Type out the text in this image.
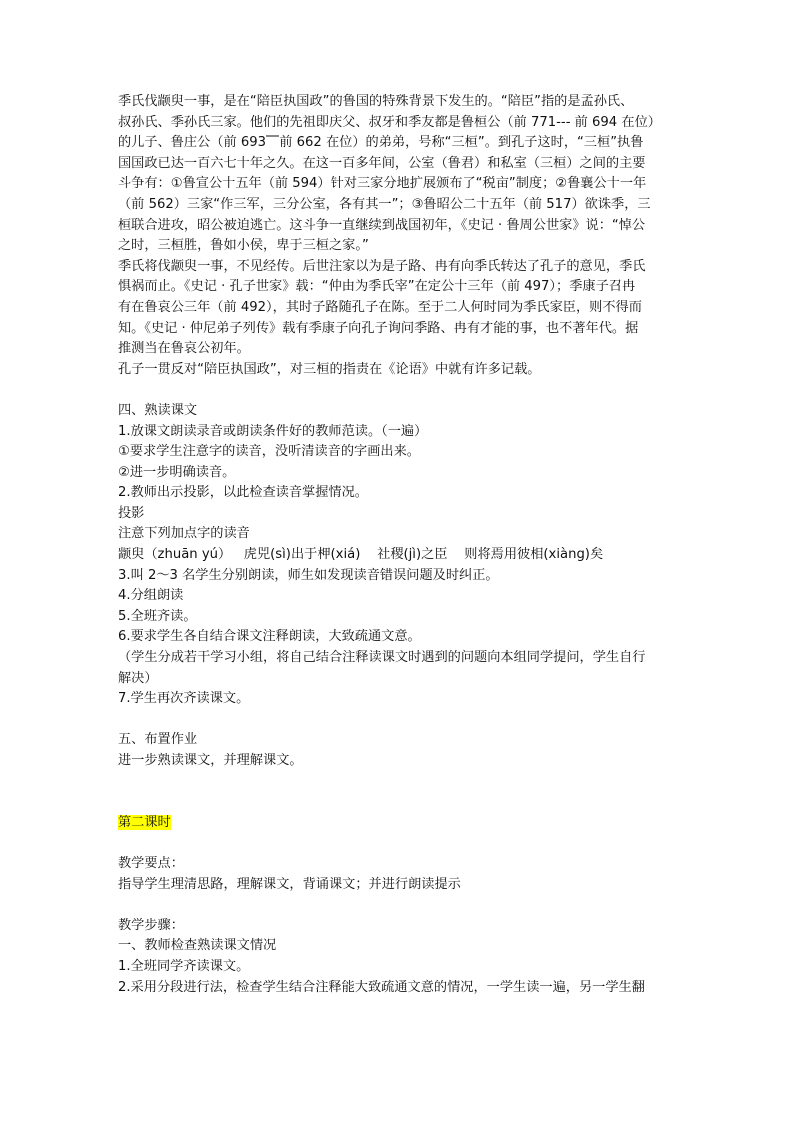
季氏伐颛臾一事，是在“陪臣执国政”的鲁国的特殊背景下发生的。“陪臣”指的是孟孙氏、
叔孙氏、季孙氏三家。他们的先祖即庆父、叔牙和季友都是鲁桓公（前 771--- 前 694 在位）
的儿子、鲁庄公（前 693⎺前 662 在位）的弟弟，号称“三桓”。到孔子这时，“三桓”执鲁
国国政已达一百六七十年之久。在这一百多年间，公室（鲁君）和私室（三桓）之间的主要
斗争有：①鲁宣公十五年（前 594）针对三家分地扩展颁布了“税亩”制度；②鲁襄公十一年
（前 562）三家“作三军，三分公室，各有其一”；③鲁昭公二十五年（前 517）欲诛季，三
桓联合进攻，昭公被迫逃亡。这斗争一直继续到战国初年，《史记 · 鲁周公世家》说：“悼公
之时，三桓胜，鲁如小侯，卑于三桓之家。”
季氏将伐颛臾一事，不见经传。后世注家以为是子路、冉有向季氏转达了孔子的意见，季氏
惧祸而止。《史记 · 孔子世家》载：“仲由为季氏宰”在定公十三年（前 497）；季康子召冉
有在鲁哀公三年（前 492），其时子路随孔子在陈。至于二人何时同为季氏家臣，则不得而
知。《史记 · 仲尼弟子列传》载有季康子向孔子询问季路、冉有才能的事，也不著年代。据
推测当在鲁哀公初年。
孔子一贯反对“陪臣执国政”，对三桓的指责在《论语》中就有许多记载。
四、熟读课文
1.放课文朗读录音或朗读条件好的教师范读。（一遍）
①要求学生注意字的读音，没听清读音的字画出来。
②进一步明确读音。
2.教师出示投影，以此检查读音掌握情况。
投影
注意下列加点字的读音
颛臾（zhuān yú）   虎兕(sì)出于柙(xiá)    社稷(jì)之臣    则将焉用彼相(xiàng)矣
3.叫 2～3 名学生分别朗读，师生如发现读音错误问题及时纠正。
4.分组朗读
5.全班齐读。
6.要求学生各自结合课文注释朗读，大致疏通文意。
（学生分成若干学习小组，将自己结合注释读课文时遇到的问题向本组同学提问，学生自行
解决）
7.学生再次齐读课文。
五、布置作业
进一步熟读课文，并理解课文。
第二课时
教学要点：
指导学生理清思路，理解课文，背诵课文；并进行朗读提示
教学步骤：
一、教师检查熟读课文情况
1.全班同学齐读课文。
2.采用分段进行法，检查学生结合注释能大致疏通文意的情况，一学生读一遍，另一学生翻
